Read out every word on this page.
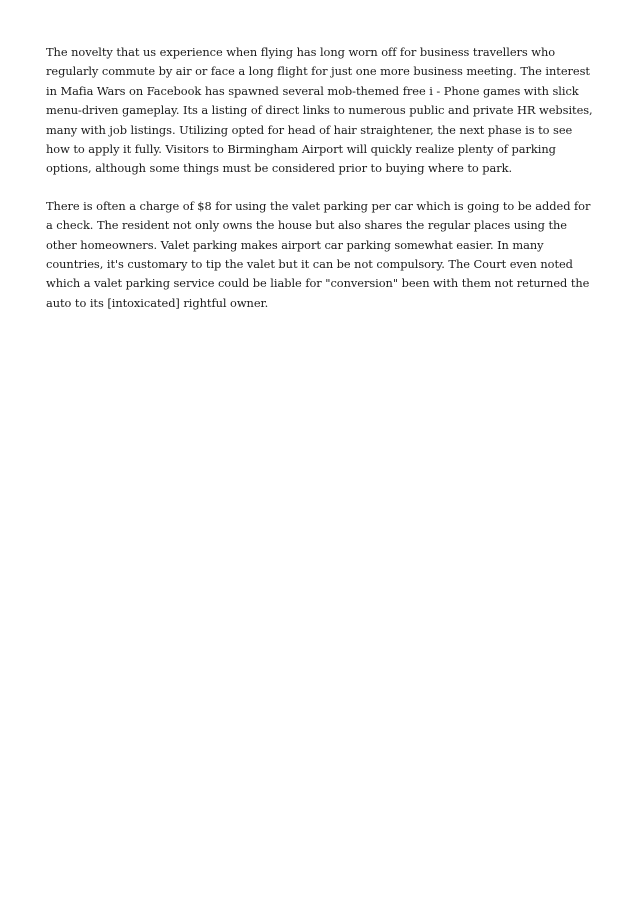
The novelty that us experience when flying has long worn off for business travellers who regularly commute by air or face a long flight for just one more business meeting. The interest in Mafia Wars on Facebook has spawned several mob-themed free i - Phone games with slick menu-driven gameplay. Its a listing of direct links to numerous public and private HR websites, many with job listings. Utilizing opted for head of hair straightener, the next phase is to see how to apply it fully. Visitors to Birmingham Airport will quickly realize plenty of parking options, although some things must be considered prior to buying where to park.

There is often a charge of $8 for using the valet parking per car which is going to be added for a check. The resident not only owns the house but also shares the regular places using the other homeowners. Valet parking makes airport car parking somewhat easier. In many countries, it's customary to tip the valet but it can be not compulsory. The Court even noted which a valet parking service could be liable for "conversion" been with them not returned the auto to its [intoxicated] rightful owner.
